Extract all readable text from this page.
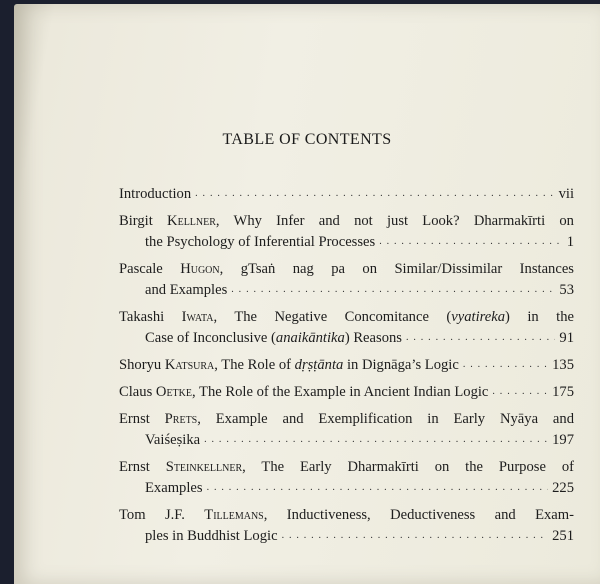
TABLE OF CONTENTS
Introduction . . .	vii
Birgit Kellner, Why Infer and not just Look? Dharmakīrti on
the Psychology of Inferential Processes . . .	1
Pascale Hugon, gTsaṅ nag pa on Similar/Dissimilar Instances
and Examples . . .	53
Takashi Iwata, The Negative Concomitance (vyatireka) in the
Case of Inconclusive (anaikāntika) Reasons . . .	91
Shoryu Katsura, The Role of dṛṣṭānta in Dignāga’s Logic . . .	135
Claus Oetke, The Role of the Example in Ancient Indian Logic . . .	175
Ernst Prets, Example and Exemplification in Early Nyāya and
Vaiśeṣika . . .	197
Ernst Steinkellner, The Early Dharmakīrti on the Purpose of
Examples . . .	225
Tom J.F. Tillemans, Inductiveness, Deductiveness and Exam-
ples in Buddhist Logic . . .	251
